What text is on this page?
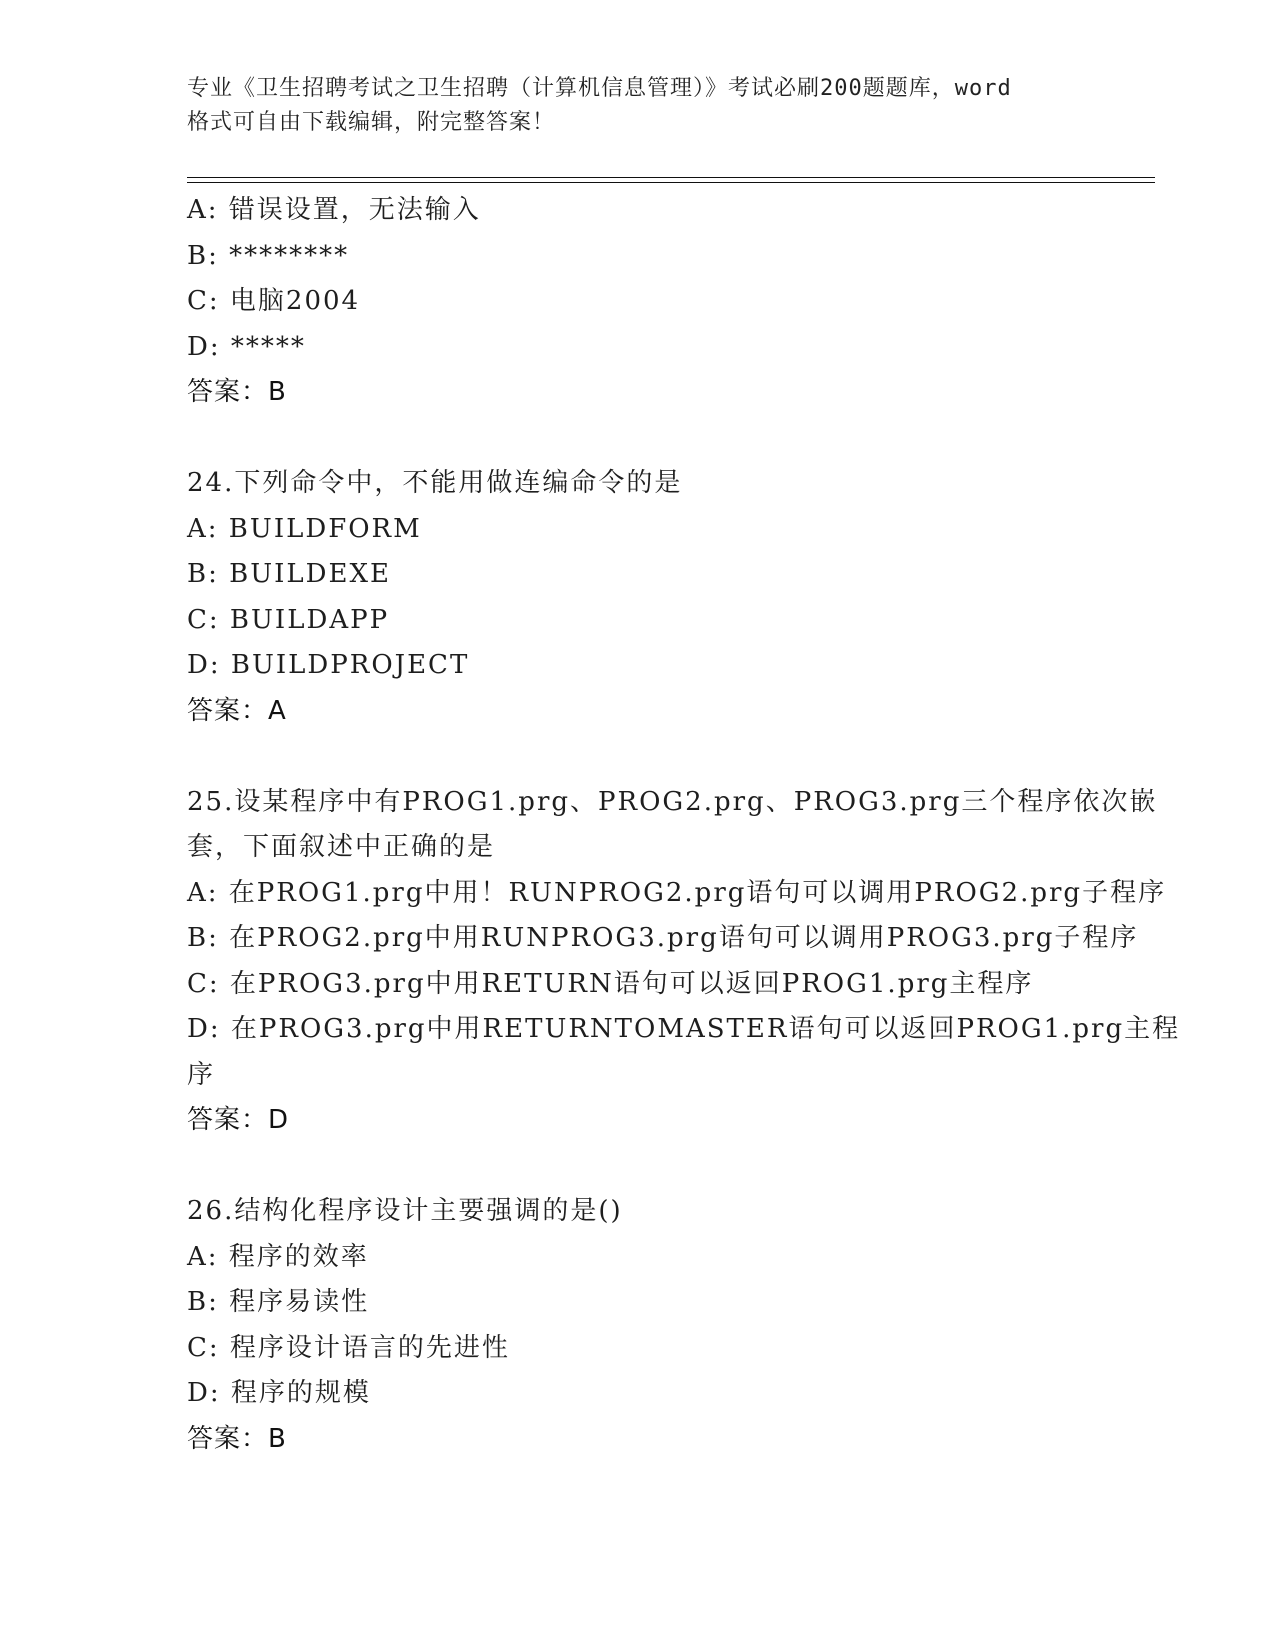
专业《卫生招聘考试之卫生招聘（计算机信息管理）》考试必刷200题题库，word
格式可自由下载编辑，附完整答案！
A: 错误设置，无法输入
B: ********
C: 电脑2004
D: *****
答案：B
24.下列命令中，不能用做连编命令的是
A: BUILDFORM
B: BUILDEXE
C: BUILDAPP
D: BUILDPROJECT
答案：A
25.设某程序中有PROG1.prg、PROG2.prg、PROG3.prg三个程序依次嵌
套，下面叙述中正确的是
A: 在PROG1.prg中用！RUNPROG2.prg语句可以调用PROG2.prg子程序
B: 在PROG2.prg中用RUNPROG3.prg语句可以调用PROG3.prg子程序
C: 在PROG3.prg中用RETURN语句可以返回PROG1.prg主程序
D: 在PROG3.prg中用RETURNTOMASTER语句可以返回PROG1.prg主程
序
答案：D
26.结构化程序设计主要强调的是()
A: 程序的效率
B: 程序易读性
C: 程序设计语言的先进性
D: 程序的规模
答案：B
